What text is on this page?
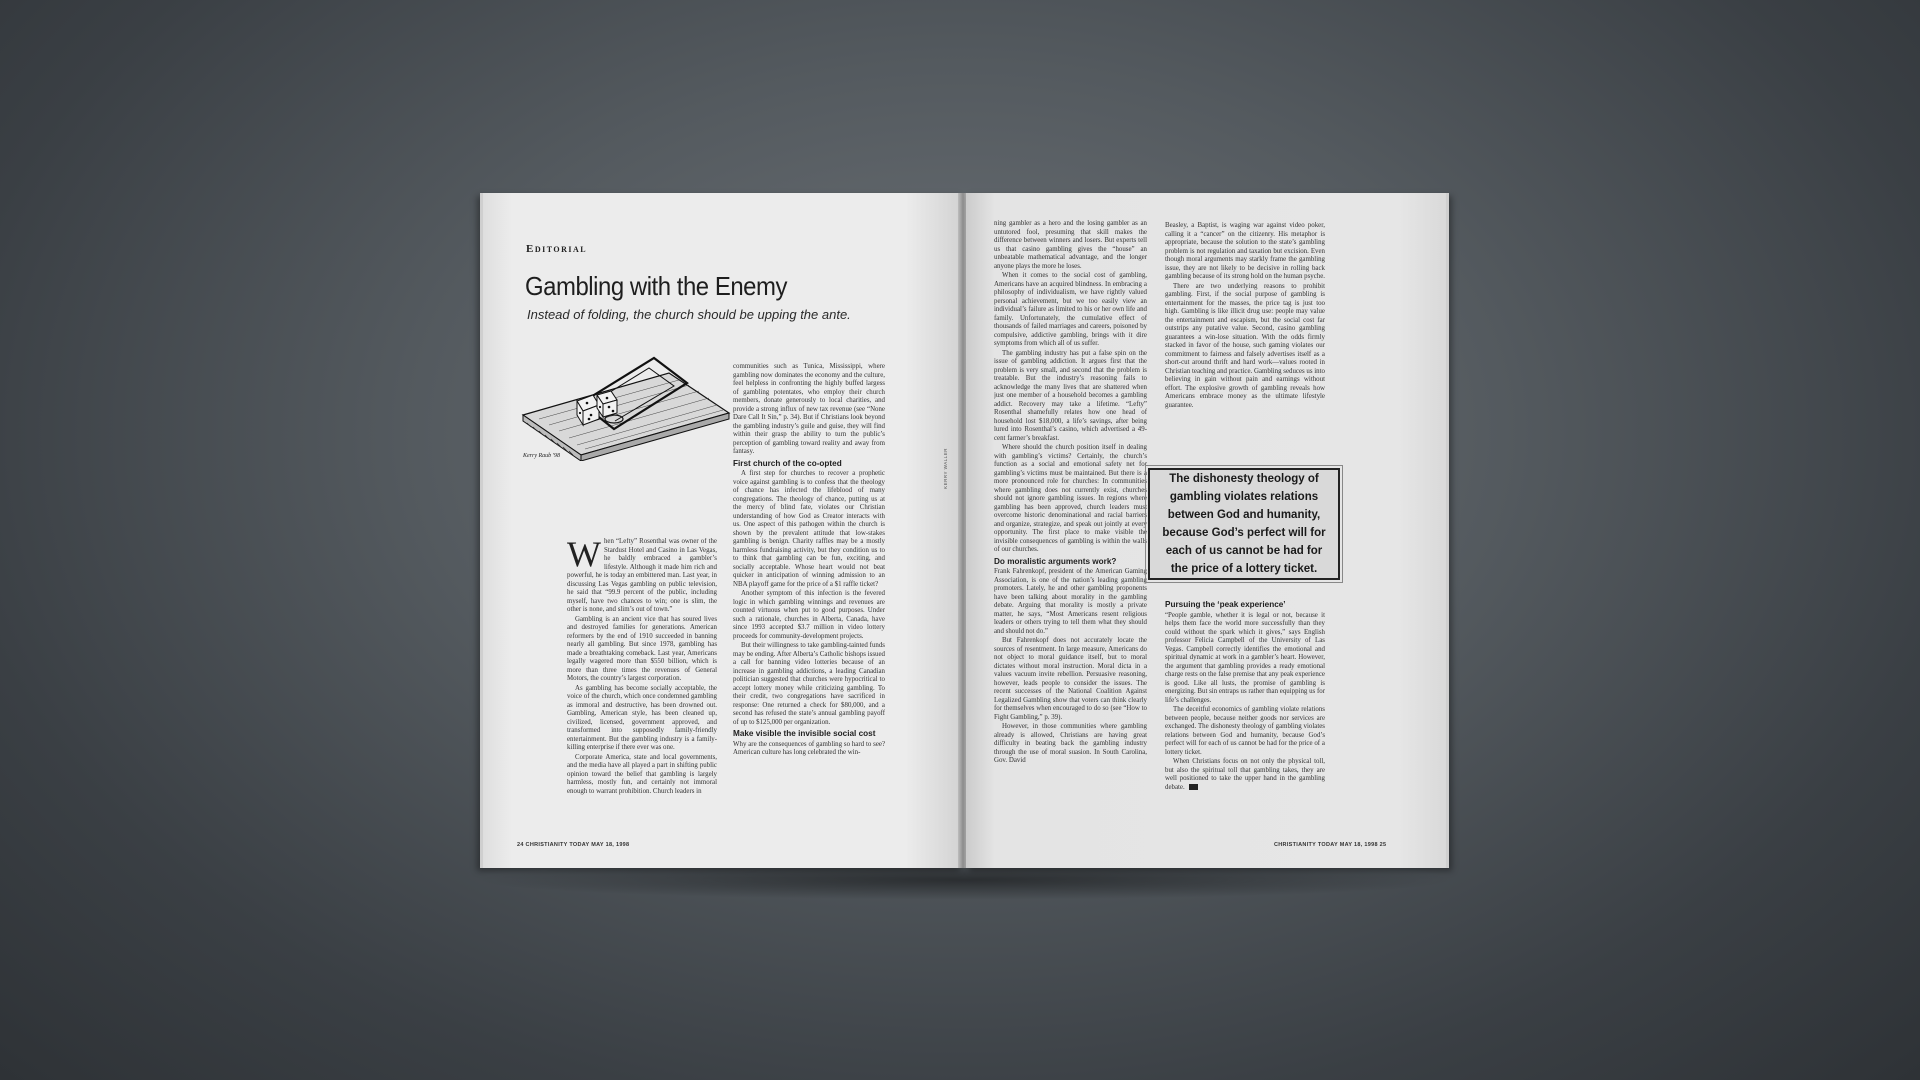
Editorial
Gambling with the Enemy
Instead of folding, the church should be upping the ante.
Kerry Raub '98	KERRY WALLER

When “Lefty” Rosenthal was owner of the Stardust Hotel and Casino in Las Vegas, he baldly embraced a gambler’s lifestyle. Although it made him rich and powerful, he is today an embittered man. Last year, in discussing Las Vegas gambling on public television, he said that “99.9 percent of the public, including myself, have two chances to win; one is slim, the other is none, and slim’s out of town.”

Gambling is an ancient vice that has soured lives and destroyed families for generations. American reformers by the end of 1910 succeeded in banning nearly all gambling. But since 1978, gambling has made a breathtaking comeback. Last year, Americans legally wagered more than $550 billion, which is more than three times the revenues of General Motors, the country’s largest corporation.

As gambling has become socially acceptable, the voice of the church, which once condemned gambling as immoral and destructive, has been drowned out. Gambling, American style, has been cleaned up, civilized, licensed, government approved, and transformed into supposedly family-friendly entertainment. But the gambling industry is a family-killing enterprise if there ever was one.

Corporate America, state and local governments, and the media have all played a part in shifting public opinion toward the belief that gambling is largely harmless, mostly fun, and certainly not immoral enough to warrant prohibition. Church leaders in

communities such as Tunica, Mississippi, where gambling now dominates the economy and the culture, feel helpless in confronting the highly buffed largess of gambling potentates, who employ their church members, donate generously to local charities, and provide a strong influx of new tax revenue (see “None Dare Call It Sin,” p. 34). But if Christians look beyond the gambling industry’s guile and guise, they will find within their grasp the ability to turn the public’s perception of gambling toward reality and away from fantasy.

First church of the co-opted

A first step for churches to recover a prophetic voice against gambling is to confess that the theology of chance has infected the lifeblood of many congregations. The theology of chance, putting us at the mercy of blind fate, violates our Christian understanding of how God as Creator interacts with us. One aspect of this pathogen within the church is shown by the prevalent attitude that low-stakes gambling is benign. Charity raffles may be a mostly harmless fundraising activity, but they condition us to to think that gambling can be fun, exciting, and socially acceptable. Whose heart would not beat quicker in anticipation of winning admission to an NBA playoff game for the price of a $1 raffle ticket?

Another symptom of this infection is the fevered logic in which gambling winnings and revenues are counted virtuous when put to good purposes. Under such a rationale, churches in Alberta, Canada, have since 1993 accepted $3.7 million in video lottery proceeds for community-development projects.

But their willingness to take gambling-tainted funds may be ending. After Alberta’s Catholic bishops issued a call for banning video lotteries because of an increase in gambling addictions, a leading Canadian politician suggested that churches were hypocritical to accept lottery money while criticizing gambling. To their credit, two congregations have sacrificed in response: One returned a check for $80,000, and a second has refused the state’s annual gambling payoff of up to $125,000 per organization.

Make visible the invisible social cost

Why are the consequences of gambling so hard to see? American culture has long celebrated the win-

24 CHRISTIANITY TODAY MAY 18, 1998

ning gambler as a hero and the losing gambler as an untutored fool, presuming that skill makes the difference between winners and losers. But experts tell us that casino gambling gives the “house” an unbeatable mathematical advantage, and the longer anyone plays the more he loses.

When it comes to the social cost of gambling, Americans have an acquired blindness. In embracing a philosophy of individualism, we have rightly valued personal achievement, but we too easily view an individual’s failure as limited to his or her own life and family. Unfortunately, the cumulative effect of thousands of failed marriages and careers, poisoned by compulsive, addictive gambling, brings with it dire symptoms from which all of us suffer.

The gambling industry has put a false spin on the issue of gambling addiction. It argues first that the problem is very small, and second that the problem is treatable. But the industry’s reasoning fails to acknowledge the many lives that are shattered when just one member of a household becomes a gambling addict. Recovery may take a lifetime. “Lefty” Rosenthal shamefully relates how one head of household lost $18,000, a life’s savings, after being lured into Rosenthal’s casino, which advertised a 49-cent farmer’s breakfast.

Where should the church position itself in dealing with gambling’s victims? Certainly, the church’s function as a social and emotional safety net for gambling’s victims must be maintained. But there is a more pronounced role for churches: In communities where gambling does not currently exist, churches should not ignore gambling issues. In regions where gambling has been approved, church leaders must overcome historic denominational and racial barriers and organize, strategize, and speak out jointly at every opportunity. The first place to make visible the invisible consequences of gambling is within the walls of our churches.

Do moralistic arguments work?

Frank Fahrenkopf, president of the American Gaming Association, is one of the nation’s leading gambling promoters. Lately, he and other gambling proponents have been talking about morality in the gambling debate. Arguing that morality is mostly a private matter, he says, “Most Americans resent religious leaders or others trying to tell them what they should and should not do.”

But Fahrenkopf does not accurately locate the sources of resentment. In large measure, Americans do not object to moral guidance itself, but to moral dictates without moral instruction. Moral dicta in a values vacuum invite rebellion. Persuasive reasoning, however, leads people to consider the issues. The recent successes of the National Coalition Against Legalized Gambling show that voters can think clearly for themselves when encouraged to do so (see “How to Fight Gambling,” p. 39).

However, in those communities where gambling already is allowed, Christians are having great difficulty in beating back the gambling industry through the use of moral suasion. In South Carolina, Gov. David

Beasley, a Baptist, is waging war against video poker, calling it a “cancer” on the citizenry. His metaphor is appropriate, because the solution to the state’s gambling problem is not regulation and taxation but excision. Even though moral arguments may starkly frame the gambling issue, they are not likely to be decisive in rolling back gambling because of its strong hold on the human psyche.

There are two underlying reasons to prohibit gambling. First, if the social purpose of gambling is entertainment for the masses, the price tag is just too high. Gambling is like illicit drug use: people may value the entertainment and escapism, but the social cost far outstrips any putative value. Second, casino gambling guarantees a win-lose situation. With the odds firmly stacked in favor of the house, such gaming violates our commitment to fairness and falsely advertises itself as a short-cut around thrift and hard work—values rooted in Christian teaching and practice. Gambling seduces us into believing in gain without pain and earnings without effort. The explosive growth of gambling reveals how Americans embrace money as the ultimate lifestyle guarantee.

The dishonesty theology of gambling violates relations between God and humanity, because God’s perfect will for each of us cannot be had for the price of a lottery ticket.
Pursuing the ‘peak experience’

“People gamble, whether it is legal or not, because it helps them face the world more successfully than they could without the spark which it gives,” says English professor Felicia Campbell of the University of Las Vegas. Campbell correctly identifies the emotional and spiritual dynamic at work in a gambler’s heart. However, the argument that gambling provides a ready emotional charge rests on the false premise that any peak experience is good. Like all lusts, the promise of gambling is energizing. But sin entraps us rather than equipping us for life’s challenges.

The deceitful economics of gambling violate relations between people, because neither goods nor services are exchanged. The dishonesty theology of gambling violates relations between God and humanity, because God’s perfect will for each of us cannot be had for the price of a lottery ticket.

When Christians focus on not only the physical toll, but also the spiritual toll that gambling takes, they are well positioned to take the upper hand in the gambling debate.

CHRISTIANITY TODAY MAY 18, 1998 25
